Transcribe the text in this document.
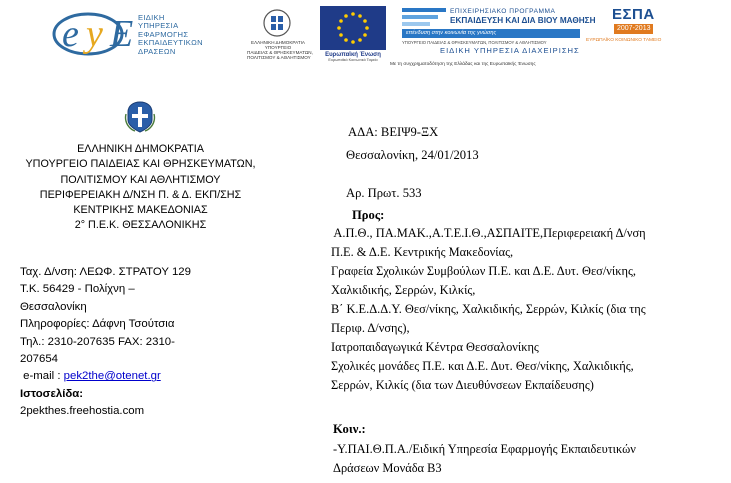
e y E ΕΙΔΙΚΗ
ΥΠΗΡΕΣΙΑ
ΕΦΑΡΜΟΓΗΣ
ΕΚΠΑΙΔΕΥΤΙΚΩΝ
ΔΡΑΣΕΩΝ
ΕΛΛΗΝΙΚΗ ΔΗΜΟΚΡΑΤΙΑ
ΥΠΟΥΡΓΕΙΟ
ΠΑΙΔΕΙΑΣ & ΘΡΗΣΚΕΥΜΑΤΩΝ,
ΠΟΛΙΤΙΣΜΟΥ & ΑΘΛΗΤΙΣΜΟΥ	Ευρωπαϊκή Ένωση
Ευρωπαϊκό Κοινωνικό Ταμείο
ΕΠΙΧΕΙΡΗΣΙΑΚΟ ΠΡΟΓΡΑΜΜΑ
ΕΚΠΑΙΔΕΥΣΗ ΚΑΙ ΔΙΑ ΒΙΟΥ ΜΑΘΗΣΗ
επένδυση στην κοινωνία της γνώσης
ΥΠΟΥΡΓΕΙΟ ΠΑΙΔΕΙΑΣ & ΘΡΗΣΚΕΥΜΑΤΩΝ, ΠΟΛΙΤΙΣΜΟΥ & ΑΘΛΗΤΙΣΜΟΥ
ΕΙΔΙΚΗ ΥΠΗΡΕΣΙΑ ΔΙΑΧΕΙΡΙΣΗΣ
Με τη συγχρηματοδότηση της Ελλάδας και της Ευρωπαϊκής Ένωσης
ΕΣΠΑ
2007-2013
ΕΥΡΩΠΑΪΚΟ ΚΟΙΝΩΝΙΚΟ ΤΑΜΕΙΟ
ΕΛΛΗΝΙΚΗ ΔΗΜΟΚΡΑΤΙΑ
ΥΠΟΥΡΓΕΙΟ ΠΑΙΔΕΙΑΣ ΚΑΙ ΘΡΗΣΚΕΥΜΑΤΩΝ,
ΠΟΛΙΤΙΣΜΟΥ ΚΑΙ ΑΘΛΗΤΙΣΜΟΥ
ΠΕΡΙΦΕΡΕΙΑΚΗ Δ/ΝΣΗ Π. & Δ. ΕΚΠ/ΣΗΣ
ΚΕΝΤΡΙΚΗΣ ΜΑΚΕΔΟΝΙΑΣ
2° Π.Ε.Κ. ΘΕΣΣΑΛΟΝΙΚΗΣ
Ταχ. Δ/νση: ΛΕΩΦ. ΣΤΡΑΤΟΥ 129
Τ.Κ. 56429 - Πολίχνη –
Θεσσαλονίκη
Πληροφορίες: Δάφνη Τσούτσια
Τηλ.: 2310-207635 FAX: 2310-
207654
e-mail : pek2the@otenet.gr
Ιστοσελίδα:
2pekthes.freehostia.com
ΑΔΑ: ΒΕΙΨ9-ΞΧ
Θεσσαλονίκη, 24/01/2013
Αρ. Πρωτ. 533
Προς:
Α.Π.Θ., ΠΑ.ΜΑΚ.,Α.Τ.Ε.Ι.Θ.,ΑΣΠΑΙΤΕ,Περιφερειακή Δ/νση
Π.Ε. & Δ.Ε. Κεντρικής Μακεδονίας,
Γραφεία Σχολικών Συμβούλων Π.Ε. και Δ.Ε. Δυτ. Θεσ/νίκης,
Χαλκιδικής, Σερρών, Κιλκίς,
Β΄ Κ.Ε.Δ.Δ.Υ. Θεσ/νίκης, Χαλκιδικής, Σερρών, Κιλκίς (δια της
Περιφ. Δ/νσης),
Ιατροπαιδαγωγικά Κέντρα Θεσσαλονίκης
Σχολικές μονάδες Π.Ε. και Δ.Ε. Δυτ. Θεσ/νίκης, Χαλκιδικής,
Σερρών, Κιλκίς (δια των Διευθύνσεων Εκπαίδευσης)
Κοιν.:
-Υ.ΠΑΙ.Θ.Π.Α./Ειδική Υπηρεσία Εφαρμογής Εκπαιδευτικών
Δράσεων Μονάδα Β3
